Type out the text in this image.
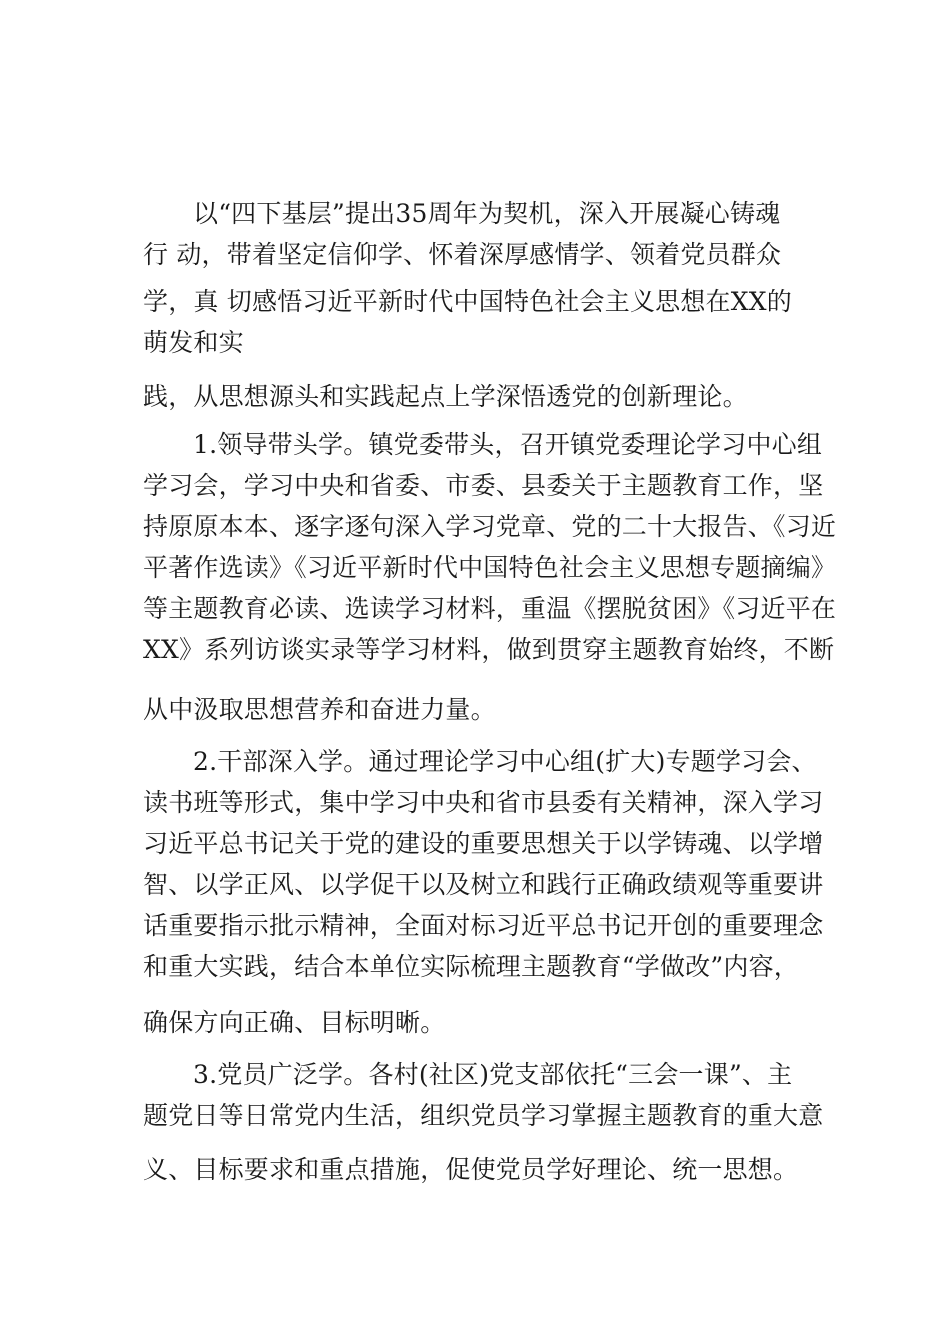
以“四下基层”提出35周年为契机，深入开展凝心铸魂
行 动，带着坚定信仰学、怀着深厚感情学、领着党员群众
学，真 切感悟习近平新时代中国特色社会主义思想在XX的
萌发和实
践，从思想源头和实践起点上学深悟透党的创新理论。
1.领导带头学。镇党委带头，召开镇党委理论学习中心组
学习会，学习中央和省委、市委、县委关于主题教育工作，坚
持原原本本、逐字逐句深入学习党章、党的二十大报告、《习近
平著作选读》《习近平新时代中国特色社会主义思想专题摘编》
等主题教育必读、选读学习材料，重温《摆脱贫困》《习近平在
XX》系列访谈实录等学习材料，做到贯穿主题教育始终，不断
从中汲取思想营养和奋进力量。
2.干部深入学。通过理论学习中心组(扩大)专题学习会、
读书班等形式，集中学习中央和省市县委有关精神，深入学习
习近平总书记关于党的建设的重要思想关于以学铸魂、以学增
智、以学正风、以学促干以及树立和践行正确政绩观等重要讲
话重要指示批示精神，全面对标习近平总书记开创的重要理念
和重大实践，结合本单位实际梳理主题教育“学做改”内容，
确保方向正确、目标明晰。
3.党员广泛学。各村(社区)党支部依托“三会一课”、主
题党日等日常党内生活，组织党员学习掌握主题教育的重大意
义、目标要求和重点措施，促使党员学好理论、统一思想。
